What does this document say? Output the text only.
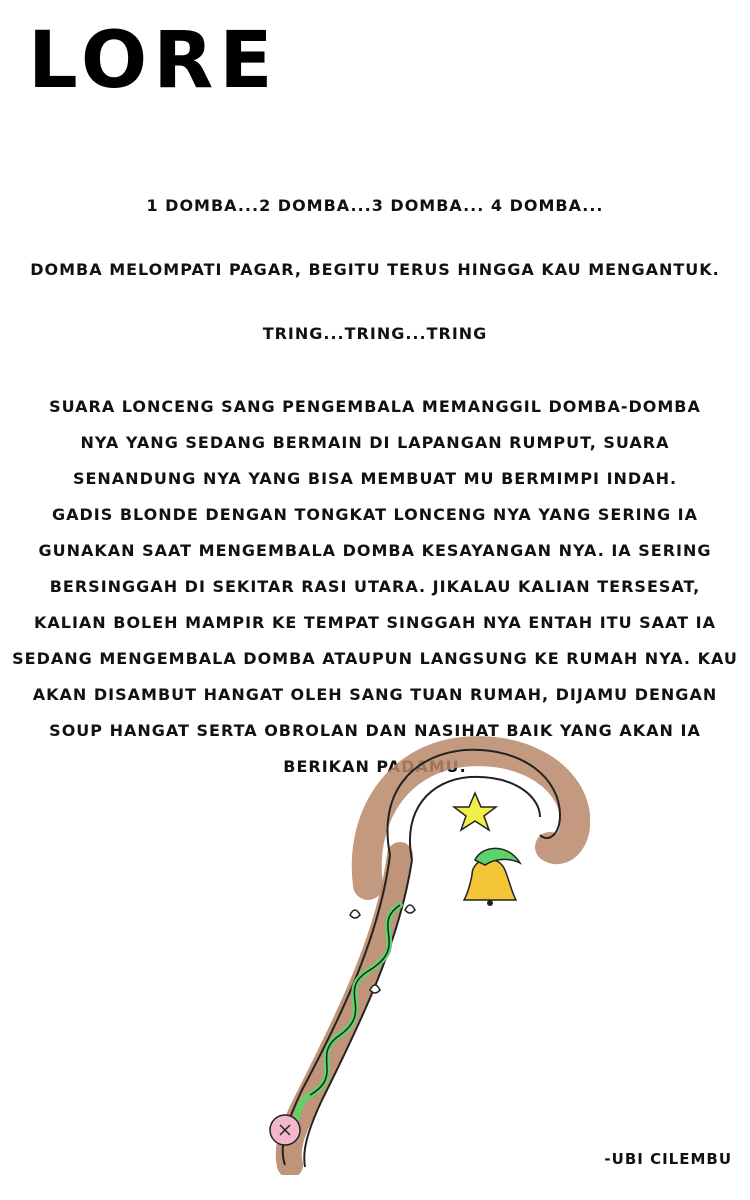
LORE

1 DOMBA...2 DOMBA...3 DOMBA... 4 DOMBA...

DOMBA MELOMPATI PAGAR, BEGITU TERUS HINGGA KAU MENGANTUK.

TRING...TRING...TRING

SUARA LONCENG SANG PENGEMBALA MEMANGGIL DOMBA-DOMBA NYA YANG SEDANG BERMAIN DI LAPANGAN RUMPUT, SUARA SENANDUNG NYA YANG BISA MEMBUAT MU BERMIMPI INDAH.

GADIS BLONDE DENGAN TONGKAT LONCENG NYA YANG SERING IA GUNAKAN SAAT MENGEMBALA DOMBA KESAYANGAN NYA. IA SERING BERSINGGAH DI SEKITAR RASI UTARA. JIKALAU KALIAN TERSESAT, KALIAN BOLEH MAMPIR KE TEMPAT SINGGAH NYA ENTAH ITU SAAT IA SEDANG MENGEMBALA DOMBA ATAUPUN LANGSUNG KE RUMAH NYA. KAU AKAN DISAMBUT HANGAT OLEH SANG TUAN RUMAH, DIJAMU DENGAN SOUP HANGAT SERTA OBROLAN DAN NASIHAT BAIK YANG AKAN IA BERIKAN PADAMU.

-UBI CILEMBU
